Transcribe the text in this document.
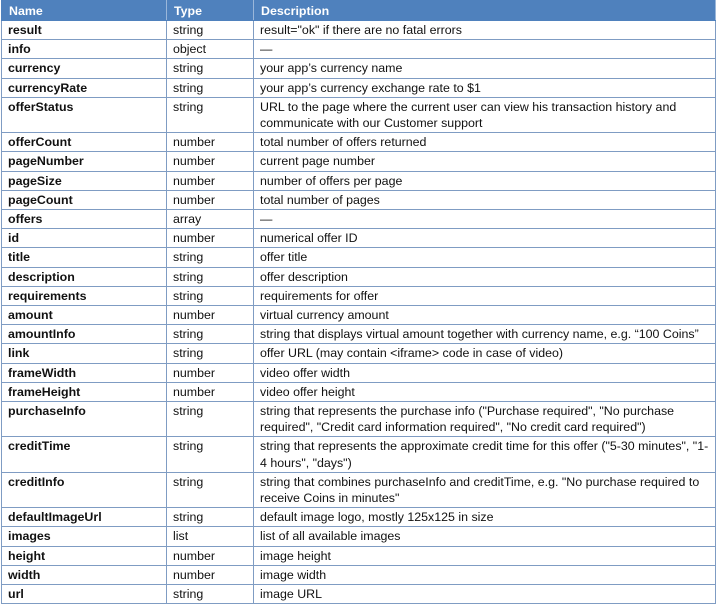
Name	Type	Description
result	string	result="ok" if there are no fatal errors
info	object	—
currency	string	your app’s currency name
currencyRate	string	your app’s currency exchange rate to $1
offerStatus	string	URL to the page where the current user can view his transaction history and communicate with our Customer support
offerCount	number	total number of offers returned
pageNumber	number	current page number
pageSize	number	number of offers per page
pageCount	number	total number of pages
offers	array	—
id	number	numerical offer ID
title	string	offer title
description	string	offer description
requirements	string	requirements for offer
amount	number	virtual currency amount
amountInfo	string	string that displays virtual amount together with currency name, e.g. “100 Coins”
link	string	offer URL (may contain <iframe> code in case of video)
frameWidth	number	video offer width
frameHeight	number	video offer height
purchaseInfo	string	string that represents the purchase info ("Purchase required", "No purchase required", "Credit card information required", "No credit card required")
creditTime	string	string that represents the approximate credit time for this offer ("5-30 minutes", "1-4 hours", "days")
creditInfo	string	string that combines purchaseInfo and creditTime, e.g. "No purchase required to receive Coins in minutes"
defaultImageUrl	string	default image logo, mostly 125x125 in size
images	list	list of all available images
height	number	image height
width	number	image width
url	string	image URL
